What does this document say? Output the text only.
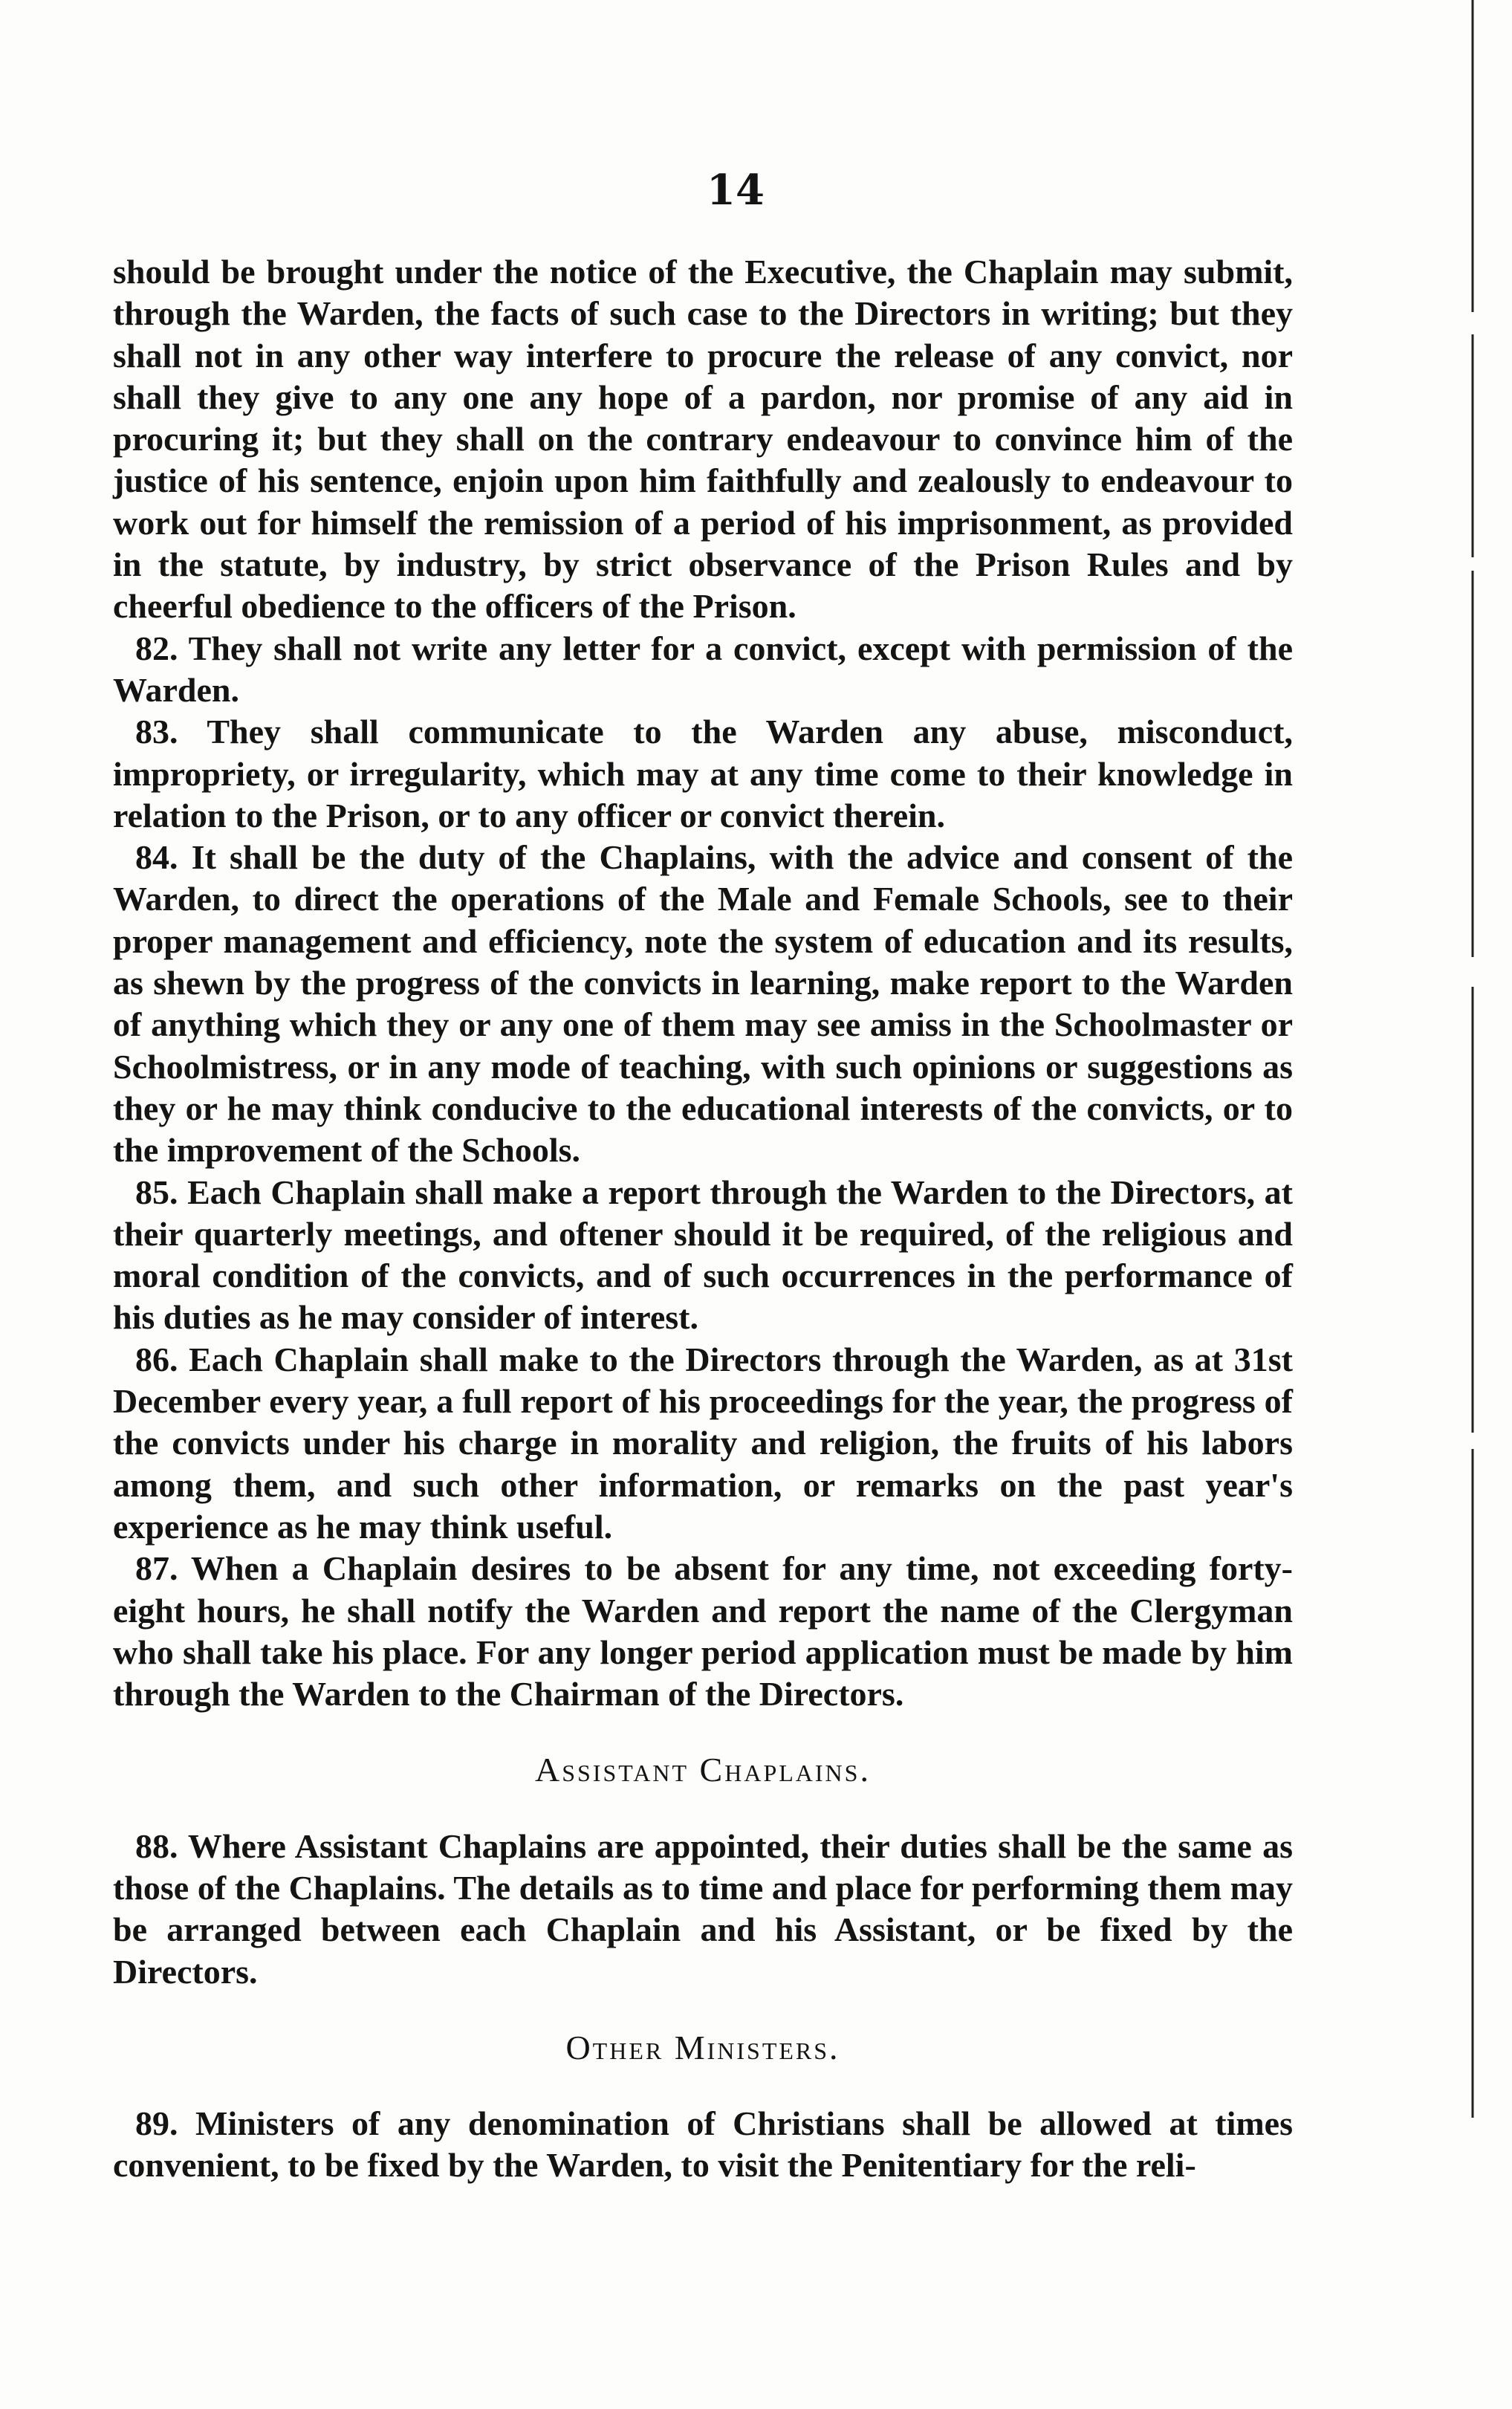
14

should be brought under the notice of the Executive, the Chaplain may submit, through the Warden, the facts of such case to the Directors in writing; but they shall not in any other way interfere to procure the release of any convict, nor shall they give to any one any hope of a pardon, nor promise of any aid in procuring it; but they shall on the contrary endeavour to convince him of the justice of his sentence, enjoin upon him faithfully and zealously to endeavour to work out for himself the remission of a period of his imprisonment, as provided in the statute, by industry, by strict observance of the Prison Rules and by cheerful obedience to the officers of the Prison.

82. They shall not write any letter for a convict, except with permission of the Warden.

83. They shall communicate to the Warden any abuse, misconduct, impropriety, or irregularity, which may at any time come to their knowledge in relation to the Prison, or to any officer or convict therein.

84. It shall be the duty of the Chaplains, with the advice and consent of the Warden, to direct the operations of the Male and Female Schools, see to their proper management and efficiency, note the system of education and its results, as shewn by the progress of the convicts in learning, make report to the Warden of anything which they or any one of them may see amiss in the Schoolmaster or Schoolmistress, or in any mode of teaching, with such opinions or suggestions as they or he may think conducive to the educational interests of the convicts, or to the improvement of the Schools.

85. Each Chaplain shall make a report through the Warden to the Directors, at their quarterly meetings, and oftener should it be required, of the religious and moral condition of the convicts, and of such occurrences in the performance of his duties as he may consider of interest.

86. Each Chaplain shall make to the Directors through the Warden, as at 31st December every year, a full report of his proceedings for the year, the progress of the convicts under his charge in morality and religion, the fruits of his labors among them, and such other information, or remarks on the past year's experience as he may think useful.

87. When a Chaplain desires to be absent for any time, not exceeding forty-eight hours, he shall notify the Warden and report the name of the Clergyman who shall take his place. For any longer period application must be made by him through the Warden to the Chairman of the Directors.

Assistant Chaplains.

88. Where Assistant Chaplains are appointed, their duties shall be the same as those of the Chaplains. The details as to time and place for performing them may be arranged between each Chaplain and his Assistant, or be fixed by the Directors.

Other Ministers.

89. Ministers of any denomination of Christians shall be allowed at times convenient, to be fixed by the Warden, to visit the Penitentiary for the reli-
